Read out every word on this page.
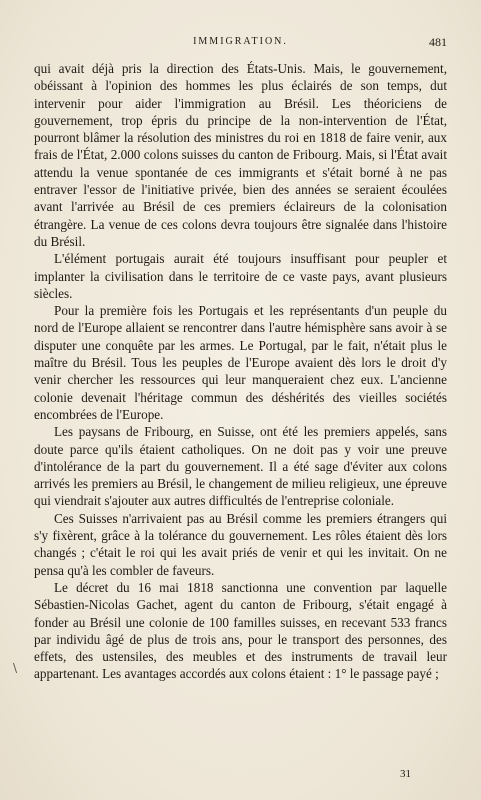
IMMIGRATION.	481

qui avait déjà pris la direction des États-Unis. Mais, le gouvernement, obéissant à l'opinion des hommes les plus éclairés de son temps, dut intervenir pour aider l'immigration au Brésil. Les théoriciens de gouvernement, trop épris du principe de la non-intervention de l'État, pourront blâmer la résolution des ministres du roi en 1818 de faire venir, aux frais de l'État, 2.000 colons suisses du canton de Fribourg. Mais, si l'État avait attendu la venue spontanée de ces immigrants et s'était borné à ne pas entraver l'essor de l'initiative privée, bien des années se seraient écoulées avant l'arrivée au Brésil de ces premiers éclaireurs de la colonisation étrangère. La venue de ces colons devra toujours être signalée dans l'histoire du Brésil.

L'élément portugais aurait été toujours insuffisant pour peupler et implanter la civilisation dans le territoire de ce vaste pays, avant plusieurs siècles.

Pour la première fois les Portugais et les représentants d'un peuple du nord de l'Europe allaient se rencontrer dans l'autre hémisphère sans avoir à se disputer une conquête par les armes. Le Portugal, par le fait, n'était plus le maître du Brésil. Tous les peuples de l'Europe avaient dès lors le droit d'y venir chercher les ressources qui leur manqueraient chez eux. L'ancienne colonie devenait l'héritage commun des déshérités des vieilles sociétés encombrées de l'Europe.

Les paysans de Fribourg, en Suisse, ont été les premiers appelés, sans doute parce qu'ils étaient catholiques. On ne doit pas y voir une preuve d'intolérance de la part du gouvernement. Il a été sage d'éviter aux colons arrivés les premiers au Brésil, le changement de milieu religieux, une épreuve qui viendrait s'ajouter aux autres difficultés de l'entreprise coloniale.

Ces Suisses n'arrivaient pas au Brésil comme les premiers étrangers qui s'y fixèrent, grâce à la tolérance du gouvernement. Les rôles étaient dès lors changés ; c'était le roi qui les avait priés de venir et qui les invitait. On ne pensa qu'à les combler de faveurs.

Le décret du 16 mai 1818 sanctionna une convention par laquelle Sébastien-Nicolas Gachet, agent du canton de Fribourg, s'était engagé à fonder au Brésil une colonie de 100 familles suisses, en recevant 533 francs par individu âgé de plus de trois ans, pour le transport des personnes, des effets, des ustensiles, des meubles et des instruments de travail leur appartenant. Les avantages accordés aux colons étaient : 1° le passage payé ;

\
31
